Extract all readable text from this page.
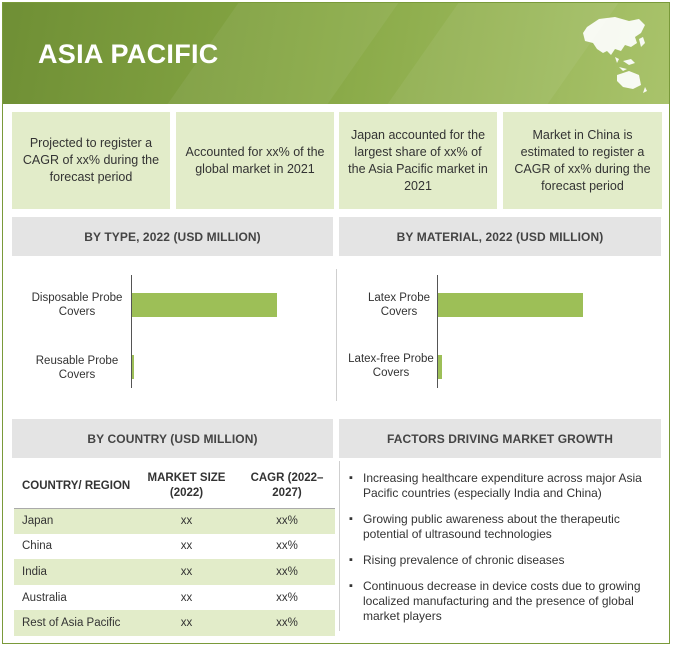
ASIA PACIFIC
Projected to register a CAGR of xx% during the forecast period
Accounted for xx% of the global market in 2021
Japan accounted for the largest share of xx% of the Asia Pacific market in 2021
Market in China is estimated to register a CAGR of xx% during the forecast period
BY TYPE, 2022 (USD MILLION)	BY MATERIAL, 2022 (USD MILLION)
Disposable Probe Covers
Reusable Probe Covers
Latex Probe Covers
Latex-free Probe Covers
BY COUNTRY (USD MILLION)	FACTORS DRIVING MARKET GROWTH
COUNTRY/ REGION	MARKET SIZE (2022)	CAGR (2022–2027)
Japan	xx	xx%
China	xx	xx%
India	xx	xx%
Australia	xx	xx%
Rest of Asia Pacific	xx	xx%
▪ Increasing healthcare expenditure across major Asia Pacific countries (especially India and China)
▪ Growing public awareness about the therapeutic potential of ultrasound technologies
▪ Rising prevalence of chronic diseases
▪ Continuous decrease in device costs due to growing localized manufacturing and the presence of global market players
